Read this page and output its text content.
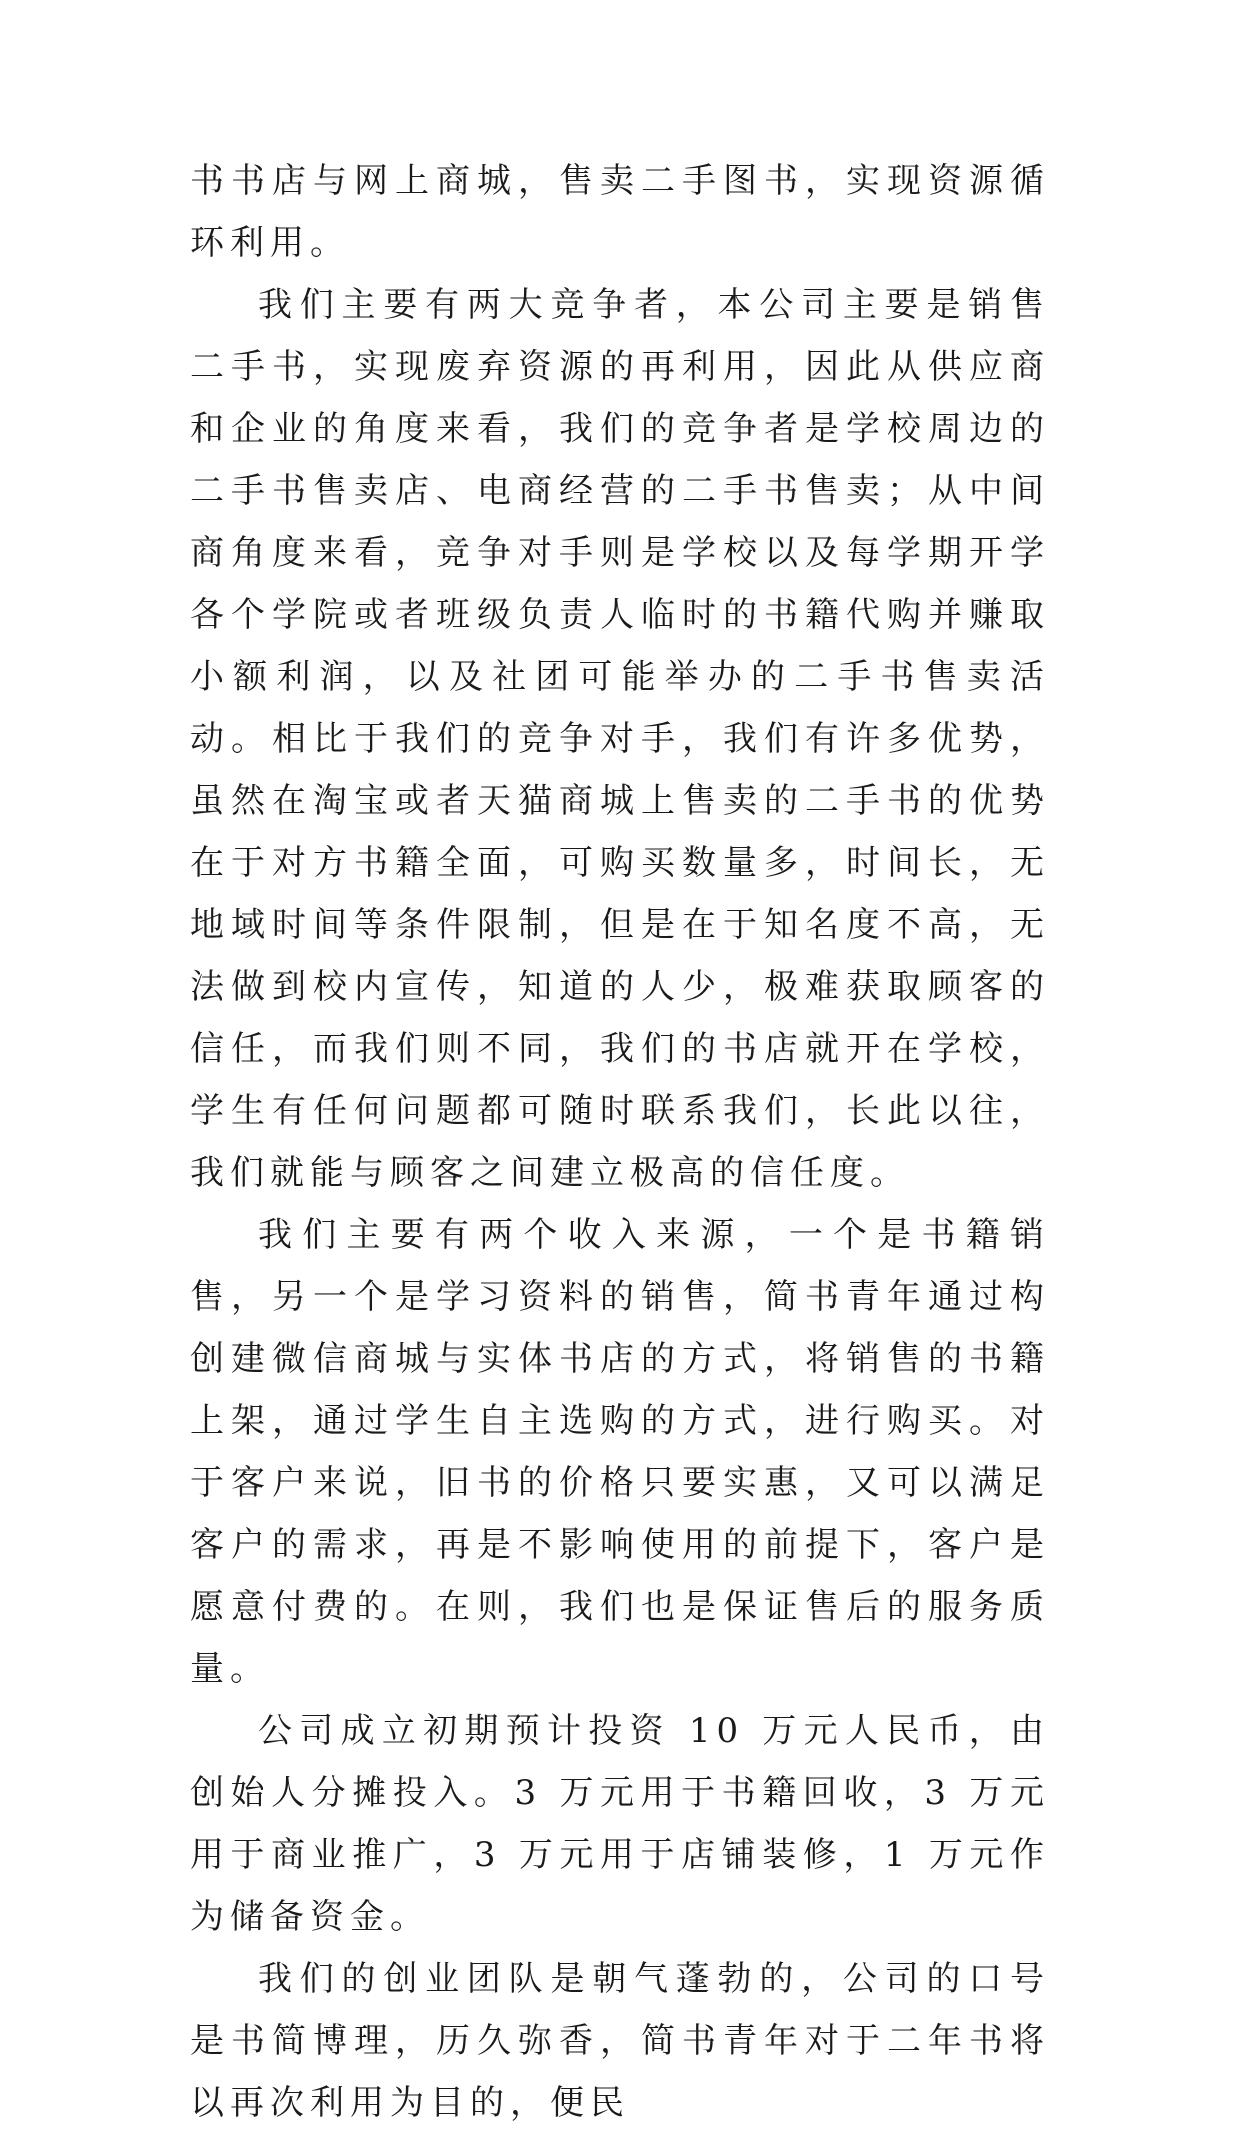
书书店与网上商城，售卖二手图书，实现资源循环利用。

我们主要有两大竞争者，本公司主要是销售二手书，实现废弃资源的再利用，因此从供应商和企业的角度来看，我们的竞争者是学校周边的二手书售卖店、电商经营的二手书售卖；从中间商角度来看，竞争对手则是学校以及每学期开学各个学院或者班级负责人临时的书籍代购并赚取小额利润，以及社团可能举办的二手书售卖活动。相比于我们的竞争对手，我们有许多优势，虽然在淘宝或者天猫商城上售卖的二手书的优势在于对方书籍全面，可购买数量多，时间长，无地域时间等条件限制，但是在于知名度不高，无法做到校内宣传，知道的人少，极难获取顾客的信任，而我们则不同，我们的书店就开在学校，学生有任何问题都可随时联系我们，长此以往，我们就能与顾客之间建立极高的信任度。

我们主要有两个收入来源，一个是书籍销售，另一个是学习资料的销售，简书青年通过构创建微信商城与实体书店的方式，将销售的书籍上架，通过学生自主选购的方式，进行购买。对于客户来说，旧书的价格只要实惠，又可以满足客户的需求，再是不影响使用的前提下，客户是愿意付费的。在则，我们也是保证售后的服务质量。

公司成立初期预计投资 10 万元人民币，由创始人分摊投入。3 万元用于书籍回收，3 万元用于商业推广，3 万元用于店铺装修，1 万元作为储备资金。

我们的创业团队是朝气蓬勃的，公司的口号是书简博理，历久弥香，简书青年对于二年书将以再次利用为目的，便民
